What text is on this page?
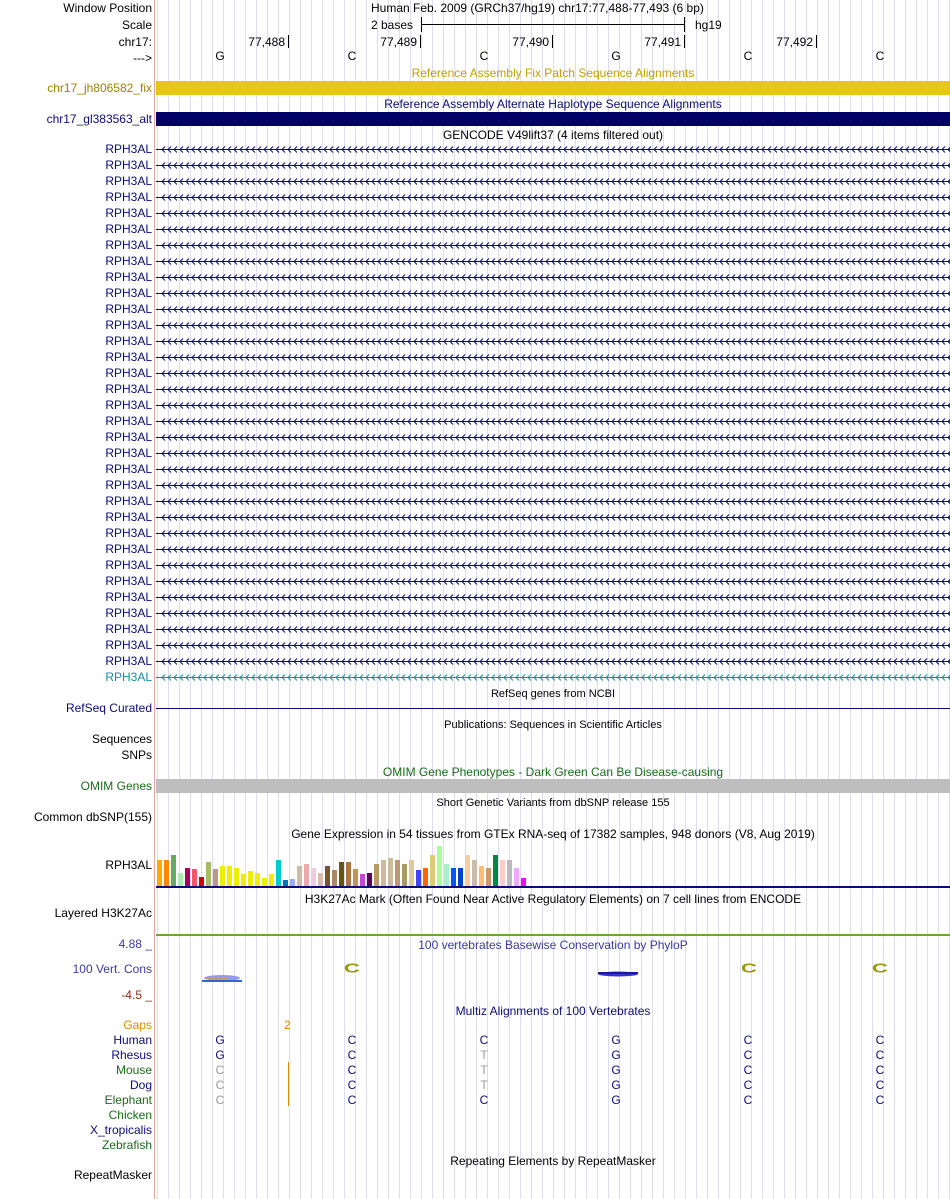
Window Position	Human Feb. 2009 (GRCh37/hg19) chr17:77,488-77,493 (6 bp)
Scale	2 bases	hg19
chr17:	77,488	77,489	77,490	77,491	77,492
--->	G	C	C	G	C	C
Reference Assembly Fix Patch Sequence Alignments
chr17_jh806582_fix
Reference Assembly Alternate Haplotype Sequence Alignments
chr17_gl383563_alt
GENCODE V49lift37 (4 items filtered out)
RPH3AL
RPH3AL
RPH3AL
RPH3AL
RPH3AL
RPH3AL
RPH3AL
RPH3AL
RPH3AL
RPH3AL
RPH3AL
RPH3AL
RPH3AL
RPH3AL
RPH3AL
RPH3AL
RPH3AL
RPH3AL
RPH3AL
RPH3AL
RPH3AL
RPH3AL
RPH3AL
RPH3AL
RPH3AL
RPH3AL
RPH3AL
RPH3AL
RPH3AL
RPH3AL
RPH3AL
RPH3AL
RPH3AL
RPH3AL
RefSeq genes from NCBI
RefSeq Curated
Publications: Sequences in Scientific Articles
Sequences
SNPs
OMIM Gene Phenotypes - Dark Green Can Be Disease-causing
OMIM Genes
Short Genetic Variants from dbSNP release 155
Common dbSNP(155)
Gene Expression in 54 tissues from GTEx RNA-seq of 17382 samples, 948 donors (V8, Aug 2019)
RPH3AL
H3K27Ac Mark (Often Found Near Active Regulatory Elements) on 7 cell lines from ENCODE
Layered H3K27Ac
4.88 _	100 vertebrates Basewise Conservation by PhyloP
100 Vert. Cons
-4.5 _
C	C	C
Multiz Alignments of 100 Vertebrates
Gaps	2
Human	G	C	C	G	C	C
Rhesus	G	C	T	G	C	C
Mouse	C	C	T	G	C	C
Dog	C	C	T	G	C	C
Elephant	C	C	C	G	C	C
Chicken
X_tropicalis
Zebrafish
Repeating Elements by RepeatMasker
RepeatMasker
